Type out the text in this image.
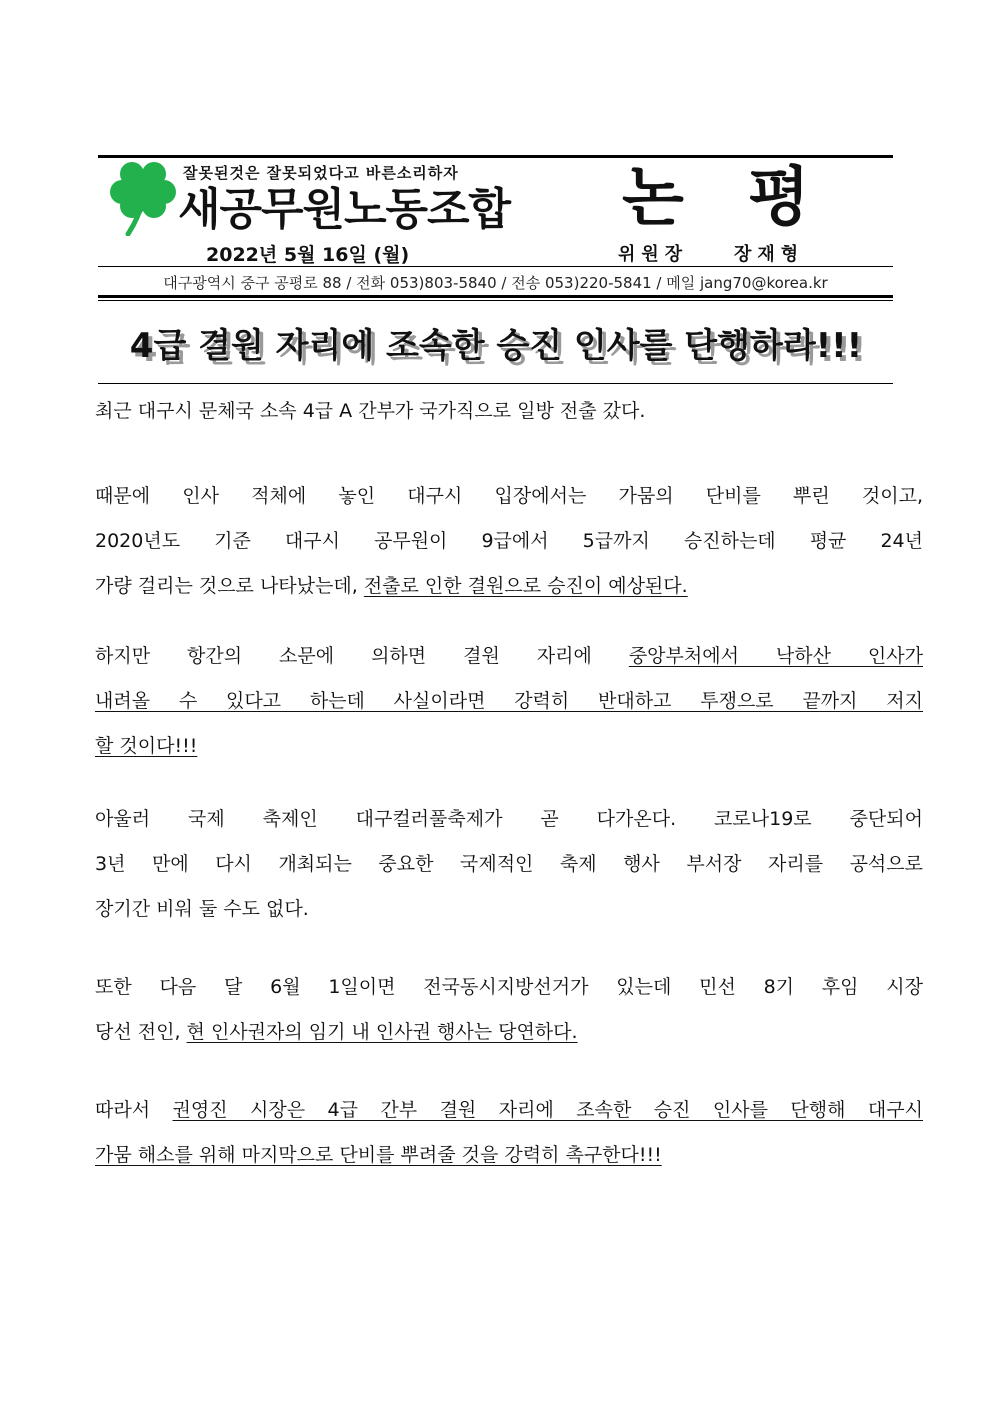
잘못된것은 잘못되었다고 바른소리하자
새공무원노동조합 논평
2022년 5월 16일 (월)	위원장	장재형
대구광역시 중구 공평로 88 / 전화 053)803-5840 / 전송 053)220-5841 / 메일 jang70@korea.kr
4급 결원 자리에 조속한 승진 인사를 단행하라!!!
최근 대구시 문체국 소속 4급 A 간부가 국가직으로 일방 전출 갔다.
때문에 인사 적체에 놓인 대구시 입장에서는 가뭄의 단비를 뿌린 것이고,
2020년도 기준 대구시 공무원이 9급에서 5급까지 승진하는데 평균 24년
가량 걸리는 것으로 나타났는데, 전출로 인한 결원으로 승진이 예상된다.
하지만 항간의 소문에 의하면 결원 자리에 중앙부처에서 낙하산 인사가
내려올 수 있다고 하는데 사실이라면 강력히 반대하고 투쟁으로 끝까지 저지
할 것이다!!!
아울러 국제 축제인 대구컬러풀축제가 곧 다가온다. 코로나19로 중단되어
3년 만에 다시 개최되는 중요한 국제적인 축제 행사 부서장 자리를 공석으로
장기간 비워 둘 수도 없다.
또한 다음 달 6월 1일이면 전국동시지방선거가 있는데 민선 8기 후임 시장
당선 전인, 현 인사권자의 임기 내 인사권 행사는 당연하다.
따라서 권영진 시장은 4급 간부 결원 자리에 조속한 승진 인사를 단행해 대구시
가뭄 해소를 위해 마지막으로 단비를 뿌려줄 것을 강력히 촉구한다!!!
